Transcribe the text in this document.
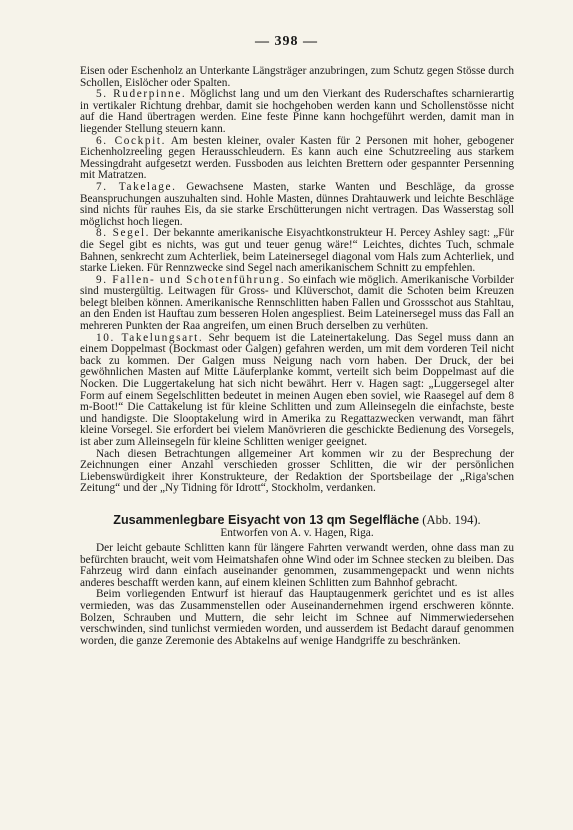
— 398 —

Eisen oder Eschenholz an Unterkante Längsträger anzubringen, zum Schutz gegen Stösse durch Schollen, Eislöcher oder Spalten.

5. Ruderpinne. Möglichst lang und um den Vierkant des Ruderschaftes scharnierartig in vertikaler Richtung drehbar, damit sie hochgehoben werden kann und Schollenstösse nicht auf die Hand übertragen werden. Eine feste Pinne kann hochgeführt werden, damit man in liegender Stellung steuern kann.

6. Cockpit. Am besten kleiner, ovaler Kasten für 2 Personen mit hoher, gebogener Eichenholzreeling gegen Herausschleudern. Es kann auch eine Schutzreeling aus starkem Messingdraht aufgesetzt werden. Fussboden aus leichten Brettern oder gespannter Persenning mit Matratzen.

7. Takelage. Gewachsene Masten, starke Wanten und Beschläge, da grosse Beanspruchungen auszuhalten sind. Hohle Masten, dünnes Drahtauwerk und leichte Beschläge sind nichts für rauhes Eis, da sie starke Erschütterungen nicht vertragen. Das Wasserstag soll möglichst hoch liegen.

8. Segel. Der bekannte amerikanische Eisyachtkonstrukteur H. Percey Ashley sagt: „Für die Segel gibt es nichts, was gut und teuer genug wäre!“ Leichtes, dichtes Tuch, schmale Bahnen, senkrecht zum Achterliek, beim Lateinersegel diagonal vom Hals zum Achterliek, und starke Lieken. Für Rennzwecke sind Segel nach amerikanischem Schnitt zu empfehlen.

9. Fallen- und Schotenführung. So einfach wie möglich. Amerikanische Vorbilder sind mustergültig. Leitwagen für Gross- und Klüverschot, damit die Schoten beim Kreuzen belegt bleiben können. Amerikanische Rennschlitten haben Fallen und Grossschot aus Stahltau, an den Enden ist Hauftau zum besseren Holen angespliest. Beim Lateinersegel muss das Fall an mehreren Punkten der Raa angreifen, um einen Bruch derselben zu verhüten.

10. Takelungsart. Sehr bequem ist die Lateinertakelung. Das Segel muss dann an einem Doppelmast (Bockmast oder Galgen) gefahren werden, um mit dem vorderen Teil nicht back zu kommen. Der Galgen muss Neigung nach vorn haben. Der Druck, der bei gewöhnlichen Masten auf Mitte Läuferplanke kommt, verteilt sich beim Doppelmast auf die Nocken. Die Luggertakelung hat sich nicht bewährt. Herr v. Hagen sagt: „Luggersegel alter Form auf einem Segelschlitten bedeutet in meinen Augen eben soviel, wie Raasegel auf dem 8 m-Boot!“ Die Cattakelung ist für kleine Schlitten und zum Alleinsegeln die einfachste, beste und handigste. Die Slooptakelung wird in Amerika zu Regattazwecken verwandt, man fährt kleine Vorsegel. Sie erfordert bei vielem Manövrieren die geschickte Bedienung des Vorsegels, ist aber zum Alleinsegeln für kleine Schlitten weniger geeignet.

Nach diesen Betrachtungen allgemeiner Art kommen wir zu der Besprechung der Zeichnungen einer Anzahl verschieden grosser Schlitten, die wir der persönlichen Liebenswürdigkeit ihrer Konstrukteure, der Redaktion der Sportsbeilage der „Riga'schen Zeitung“ und der „Ny Tidning för Idrott“, Stockholm, verdanken.

Zusammenlegbare Eisyacht von 13 qm Segelfläche (Abb. 194).
Entworfen von A. v. Hagen, Riga.

Der leicht gebaute Schlitten kann für längere Fahrten verwandt werden, ohne dass man zu befürchten braucht, weit vom Heimatshafen ohne Wind oder im Schnee stecken zu bleiben. Das Fahrzeug wird dann einfach auseinander genommen, zusammengepackt und wenn nichts anderes beschafft werden kann, auf einem kleinen Schlitten zum Bahnhof gebracht.

Beim vorliegenden Entwurf ist hierauf das Hauptaugenmerk gerichtet und es ist alles vermieden, was das Zusammenstellen oder Auseinandernehmen irgend erschweren könnte. Bolzen, Schrauben und Muttern, die sehr leicht im Schnee auf Nimmerwiedersehen verschwinden, sind tunlichst vermieden worden, und ausserdem ist Bedacht darauf genommen worden, die ganze Zeremonie des Abtakelns auf wenige Handgriffe zu beschränken.
